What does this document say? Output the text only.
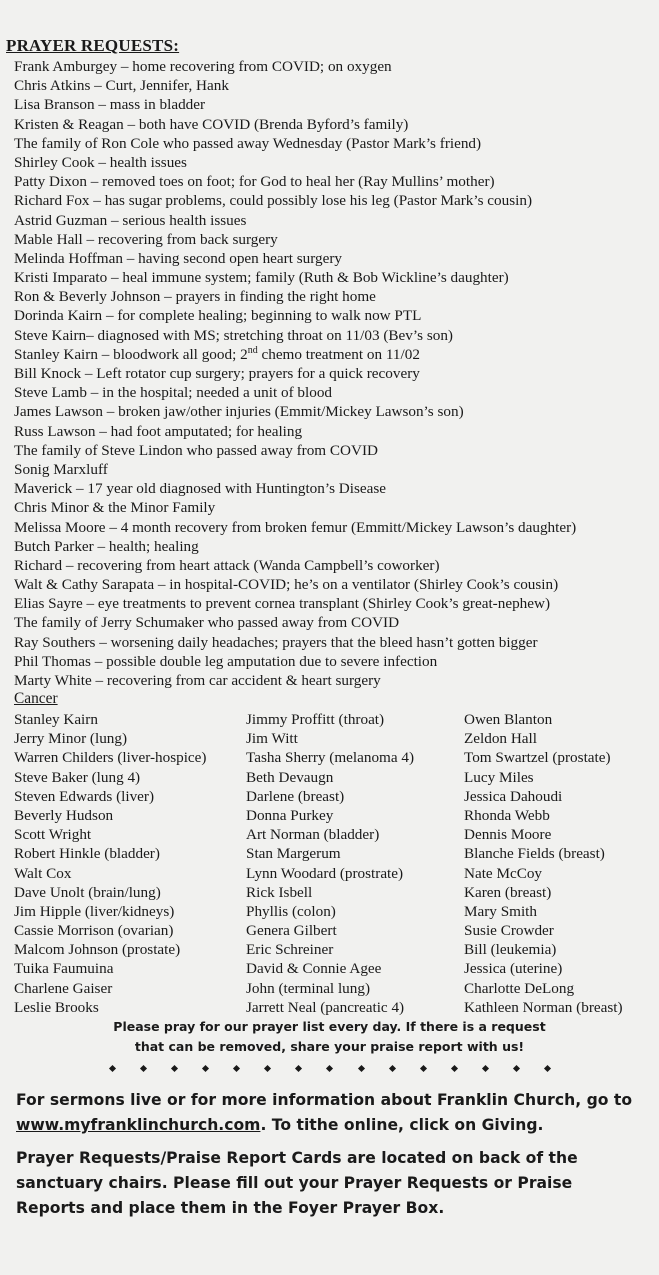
PRAYER REQUESTS:
Frank Amburgey – home recovering from COVID; on oxygen
Chris Atkins – Curt, Jennifer, Hank
Lisa Branson – mass in bladder
Kristen & Reagan – both have COVID (Brenda Byford’s family)
The family of Ron Cole who passed away Wednesday (Pastor Mark’s friend)
Shirley Cook – health issues
Patty Dixon – removed toes on foot; for God to heal her (Ray Mullins’ mother)
Richard Fox – has sugar problems, could possibly lose his leg (Pastor Mark’s cousin)
Astrid Guzman – serious health issues
Mable Hall – recovering from back surgery
Melinda Hoffman – having second open heart surgery
Kristi Imparato – heal immune system; family (Ruth & Bob Wickline’s daughter)
Ron & Beverly Johnson – prayers in finding the right home
Dorinda Kairn – for complete healing; beginning to walk now PTL
Steve Kairn– diagnosed with MS; stretching throat on 11/03 (Bev’s son)
Stanley Kairn – bloodwork all good; 2nd chemo treatment on 11/02
Bill Knock – Left rotator cup surgery; prayers for a quick recovery
Steve Lamb – in the hospital; needed a unit of blood
James Lawson – broken jaw/other injuries (Emmit/Mickey Lawson’s son)
Russ Lawson – had foot amputated; for healing
The family of Steve Lindon who passed away from COVID
Sonig Marxluff
Maverick – 17 year old diagnosed with Huntington’s Disease
Chris Minor & the Minor Family
Melissa Moore – 4 month recovery from broken femur (Emmitt/Mickey Lawson’s daughter)
Butch Parker – health; healing
Richard – recovering from heart attack (Wanda Campbell’s coworker)
Walt & Cathy Sarapata – in hospital-COVID; he’s on a ventilator (Shirley Cook’s cousin)
Elias Sayre – eye treatments to prevent cornea transplant (Shirley Cook’s great-nephew)
The family of Jerry Schumaker who passed away from COVID
Ray Southers – worsening daily headaches; prayers that the bleed hasn’t gotten bigger
Phil Thomas – possible double leg amputation due to severe infection
Marty White – recovering from car accident & heart surgery
Cancer
Stanley Kairn
Jerry Minor (lung)
Warren Childers (liver-hospice)
Steve Baker (lung 4)
Steven Edwards (liver)
Beverly Hudson
Scott Wright
Robert Hinkle (bladder)
Walt Cox
Dave Unolt (brain/lung)
Jim Hipple (liver/kidneys)
Cassie Morrison (ovarian)
Malcom Johnson (prostate)
Tuika Faumuina
Charlene Gaiser
Leslie Brooks
Jimmy Proffitt (throat)
Jim Witt
Tasha Sherry (melanoma 4)
Beth Devaugn
Darlene (breast)
Donna Purkey
Art Norman (bladder)
Stan Margerum
Lynn Woodard (prostrate)
Rick Isbell
Phyllis (colon)
Genera Gilbert
Eric Schreiner
David & Connie Agee
John (terminal lung)
Jarrett Neal (pancreatic 4)
Owen Blanton
Zeldon Hall
Tom Swartzel (prostate)
Lucy Miles
Jessica Dahoudi
Rhonda Webb
Dennis Moore
Blanche Fields (breast)
Nate McCoy
Karen (breast)
Mary Smith
Susie Crowder
Bill (leukemia)
Jessica (uterine)
Charlotte DeLong
Kathleen Norman (breast)
Please pray for our prayer list every day. If there is a request
that can be removed, share your praise report with us!
For sermons live or for more information about Franklin Church, go to www.myfranklinchurch.com. To tithe online, click on Giving.
Prayer Requests/Praise Report Cards are located on back of the sanctuary chairs. Please fill out your Prayer Requests or Praise Reports and place them in the Foyer Prayer Box.
